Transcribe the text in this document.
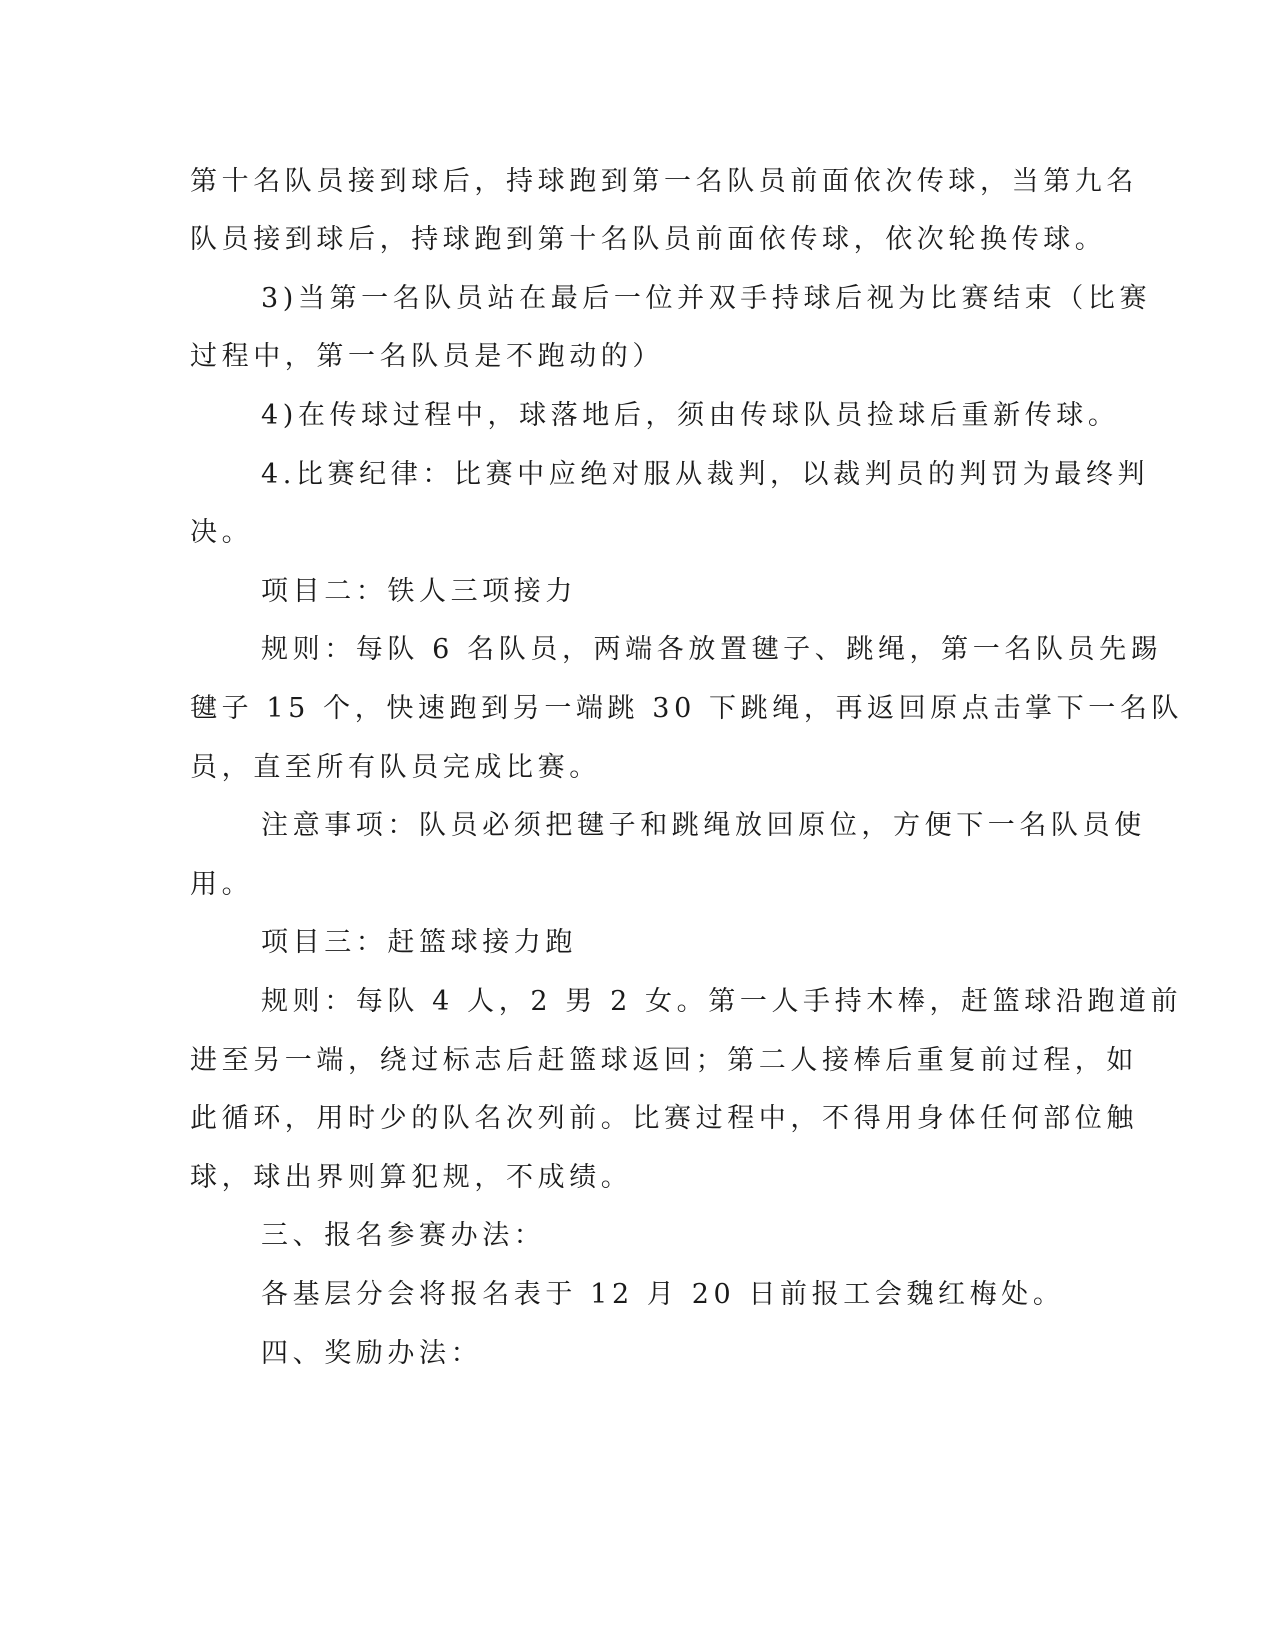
第十名队员接到球后，持球跑到第一名队员前面依次传球，当第九名
队员接到球后，持球跑到第十名队员前面依传球，依次轮换传球。
3)当第一名队员站在最后一位并双手持球后视为比赛结束（比赛
过程中，第一名队员是不跑动的）
4)在传球过程中，球落地后，须由传球队员捡球后重新传球。
4.比赛纪律：比赛中应绝对服从裁判，以裁判员的判罚为最终判
决。
项目二：铁人三项接力
规则：每队 6 名队员，两端各放置毽子、跳绳，第一名队员先踢
毽子 15 个，快速跑到另一端跳 30 下跳绳，再返回原点击掌下一名队
员，直至所有队员完成比赛。
注意事项：队员必须把毽子和跳绳放回原位，方便下一名队员使
用。
项目三：赶篮球接力跑
规则：每队 4 人，2 男 2 女。第一人手持木棒，赶篮球沿跑道前
进至另一端，绕过标志后赶篮球返回；第二人接棒后重复前过程，如
此循环，用时少的队名次列前。比赛过程中，不得用身体任何部位触
球，球出界则算犯规，不成绩。
三、报名参赛办法：
各基层分会将报名表于 12 月 20 日前报工会魏红梅处。
四、奖励办法：
